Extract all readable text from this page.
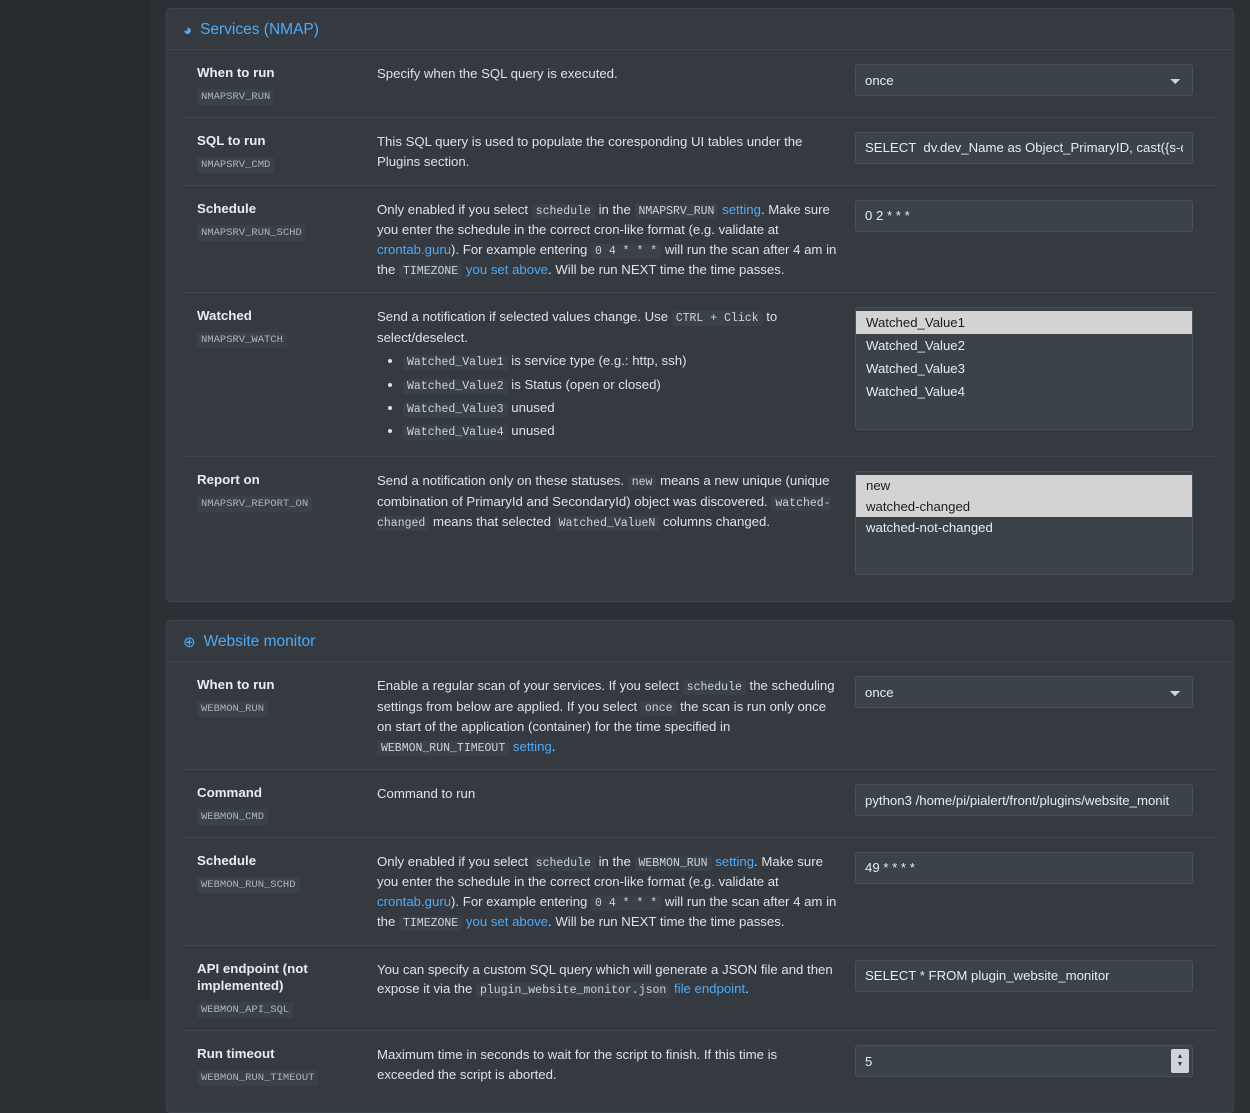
◕ Services (NMAP)
When to run
NMAPSRV_RUN
Specify when the SQL query is executed.
once
SQL to run
NMAPSRV_CMD
This SQL query is used to populate the coresponding UI tables under the Plugins section.
SELECT dv.dev_Name as Object_PrimaryID, cast({s-quo
Schedule
NMAPSRV_RUN_SCHD
Only enabled if you select schedule in the NMAPSRV_RUN setting. Make sure you enter the schedule in the correct cron-like format (e.g. validate at crontab.guru). For example entering 0 4 * * * will run the scan after 4 am in the TIMEZONE you set above. Will be run NEXT time the time passes.
0 2 * * *
Watched
NMAPSRV_WATCH
Send a notification if selected values change. Use CTRL + Click to select/deselect.
• Watched_Value1 is service type (e.g.: http, ssh)
• Watched_Value2 is Status (open or closed)
• Watched_Value3 unused
• Watched_Value4 unused
Watched_Value1
Watched_Value2
Watched_Value3
Watched_Value4
Report on
NMAPSRV_REPORT_ON
Send a notification only on these statuses. new means a new unique (unique combination of PrimaryId and SecondaryId) object was discovered. watched-changed means that selected Watched_ValueN columns changed.
new
watched-changed
watched-not-changed
⊕ Website monitor
When to run
WEBMON_RUN
Enable a regular scan of your services. If you select schedule the scheduling settings from below are applied. If you select once the scan is run only once on start of the application (container) for the time specified in WEBMON_RUN_TIMEOUT setting.
once
Command
WEBMON_CMD
Command to run
python3 /home/pi/pialert/front/plugins/website_monit
Schedule
WEBMON_RUN_SCHD
Only enabled if you select schedule in the WEBMON_RUN setting. Make sure you enter the schedule in the correct cron-like format (e.g. validate at crontab.guru). For example entering 0 4 * * * will run the scan after 4 am in the TIMEZONE you set above. Will be run NEXT time the time passes.
49 * * * *
API endpoint (not implemented)
WEBMON_API_SQL
You can specify a custom SQL query which will generate a JSON file and then expose it via the plugin_website_monitor.json file endpoint.
SELECT * FROM plugin_website_monitor
Run timeout
WEBMON_RUN_TIMEOUT
Maximum time in seconds to wait for the script to finish. If this time is exceeded the script is aborted.
5
▲
▼
